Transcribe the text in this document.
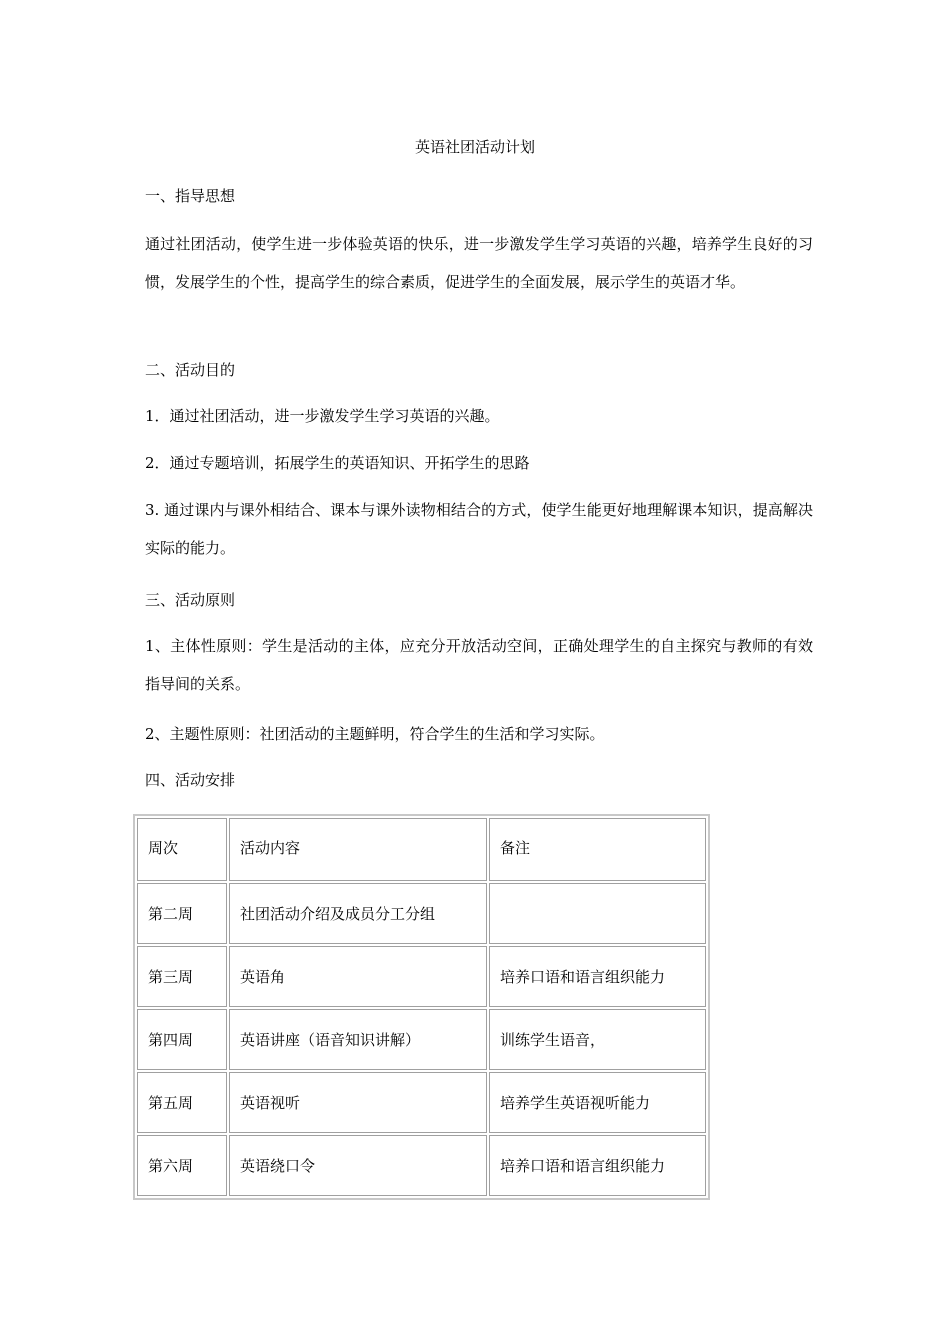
英语社团活动计划
一、指导思想
通过社团活动，使学生进一步体验英语的快乐，进一步激发学生学习英语的兴趣，培养学生良好的习惯，发展学生的个性，提高学生的综合素质，促进学生的全面发展，展示学生的英语才华。
二、活动目的
1．通过社团活动，进一步激发学生学习英语的兴趣。
2．通过专题培训，拓展学生的英语知识、开拓学生的思路
3. 通过课内与课外相结合、课本与课外读物相结合的方式，使学生能更好地理解课本知识，提高解决实际的能力。
三、活动原则
1、主体性原则：学生是活动的主体，应充分开放活动空间，正确处理学生的自主探究与教师的有效指导间的关系。
2、主题性原则：社团活动的主题鲜明，符合学生的生活和学习实际。
四、活动安排
周次	活动内容	备注
第二周	社团活动介绍及成员分工分组	
第三周	英语角	培养口语和语言组织能力
第四周	英语讲座（语音知识讲解）	训练学生语音，
第五周	英语视听	培养学生英语视听能力
第六周	英语绕口令	培养口语和语言组织能力
